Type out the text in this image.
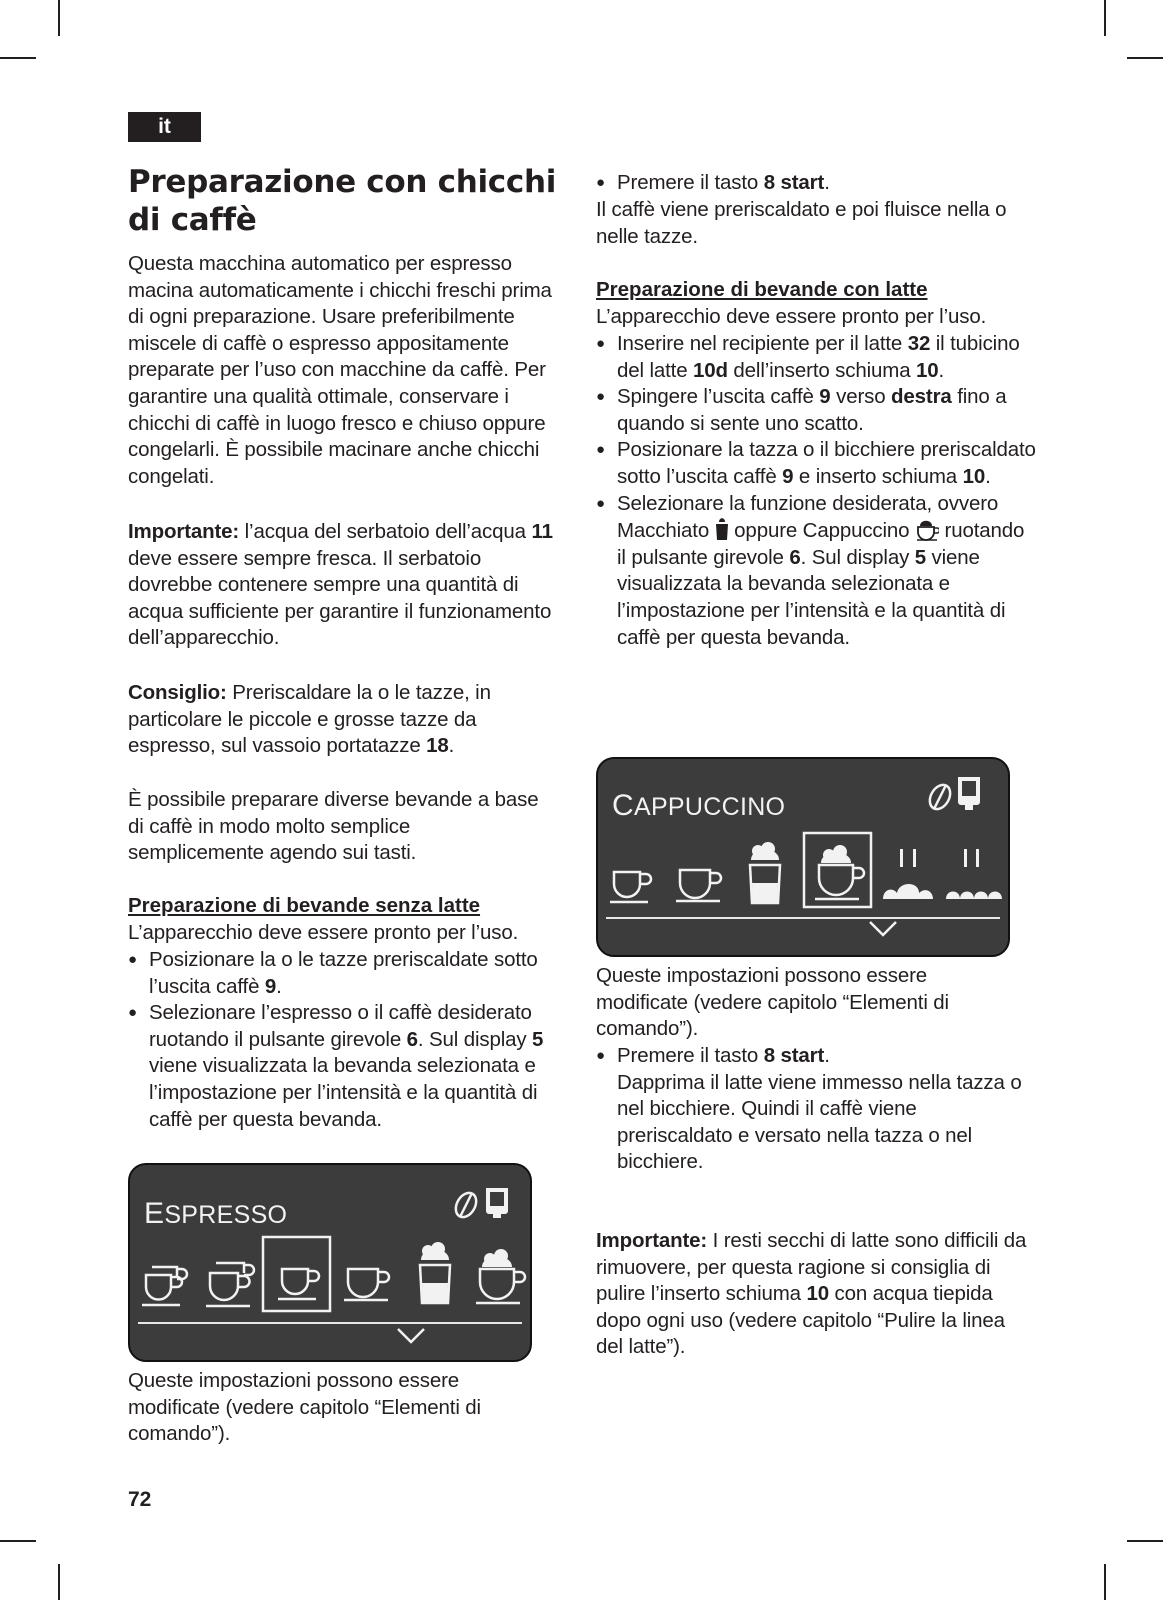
it
Preparazione con chicchi
di caffè

Questa macchina automatico per espresso macina automaticamente i chicchi freschi prima di ogni preparazione. Usare preferibilmente miscele di caffè o espresso appositamente preparate per l’uso con macchine da caffè. Per garantire una qualità ottimale, conservare i chicchi di caffè in luogo fresco e chiuso oppure congelarli. È possibile macinare anche chicchi congelati.

Importante: l’acqua del serbatoio dell’acqua 11 deve essere sempre fresca. Il serbatoio dovrebbe contenere sempre una quantità di acqua sufficiente per garantire il funzionamento dell’apparecchio.

Consiglio: Preriscaldare la o le tazze, in particolare le piccole e grosse tazze da espresso, sul vassoio portatazze 18.

È possibile preparare diverse bevande a base di caffè in modo molto semplice semplicemente agendo sui tasti.

Preparazione di bevande senza latte

L’apparecchio deve essere pronto per l’uso.

● Posizionare la o le tazze preriscaldate sotto l’uscita caffè 9.
● Selezionare l’espresso o il caffè desiderato ruotando il pulsante girevole 6. Sul display 5 viene visualizzata la bevanda selezionata e l’impostazione per l’intensità e la quantità di caffè per questa bevanda.

Queste impostazioni possono essere modificate (vedere capitolo “Elementi di comando”).

ESPRESSO
● Premere il tasto 8 start.

Il caffè viene preriscaldato e poi fluisce nella o nelle tazze.

Preparazione di bevande con latte

L’apparecchio deve essere pronto per l’uso.

● Inserire nel recipiente per il latte 32 il tubicino del latte 10d dell’inserto schiuma 10.
● Spingere l’uscita caffè 9 verso destra fino a quando si sente uno scatto.
● Posizionare la tazza o il bicchiere preriscaldato sotto l’uscita caffè 9 e inserto schiuma 10.
● Selezionare la funzione desiderata, ovvero Macchiato  oppure Cappuccino  ruotando il pulsante girevole 6. Sul display 5 viene visualizzata la bevanda selezionata e l’impostazione per l’intensità e la quantità di caffè per questa bevanda.

Queste impostazioni possono essere modificate (vedere capitolo “Elementi di comando”).

● Premere il tasto 8 start.
Dapprima il latte viene immesso nella tazza o nel bicchiere. Quindi il caffè viene preriscaldato e versato nella tazza o nel bicchiere.

Importante: I resti secchi di latte sono difficili da rimuovere, per questa ragione si consiglia di pulire l’inserto schiuma 10 con acqua tiepida dopo ogni uso (vedere capitolo “Pulire la linea del latte”).

CAPPUCCINO
72
